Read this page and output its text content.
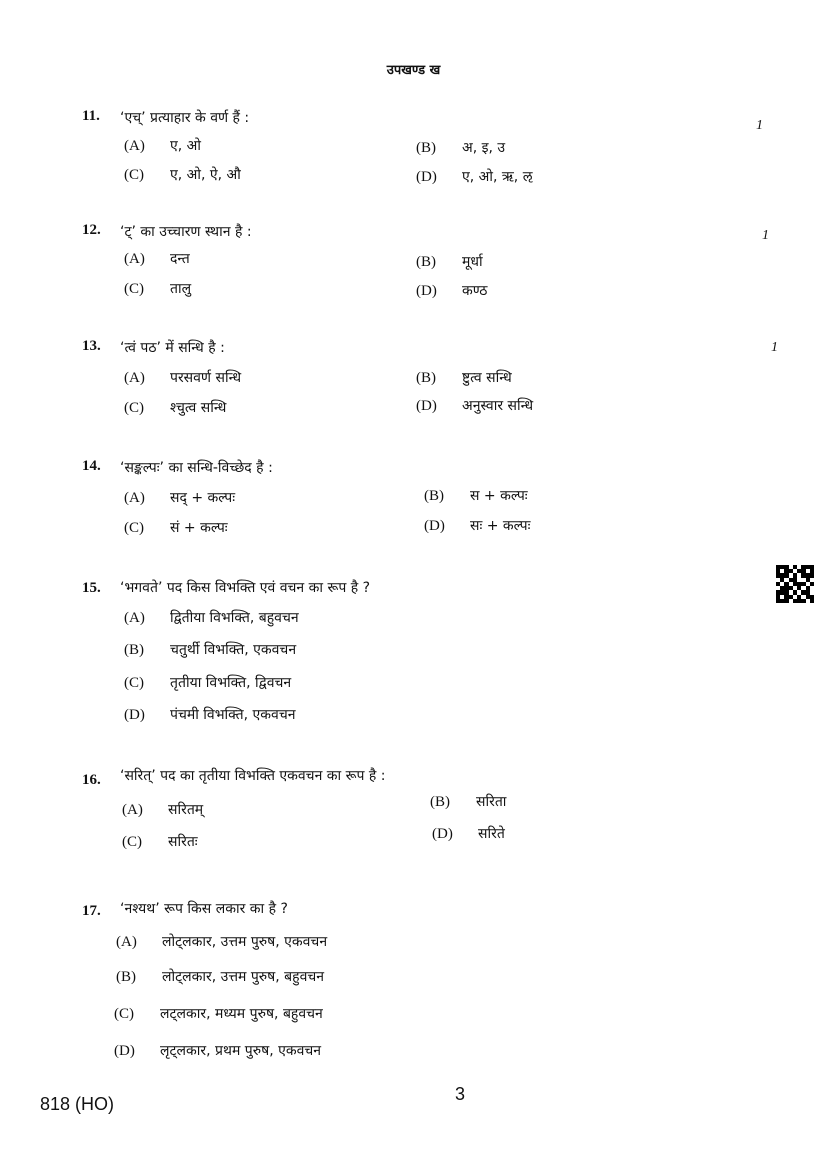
उपखण्ड ख
11. ‘एच्’ प्रत्याहार के वर्ण हैं :	1
(A) ए, ओ	(B) अ, इ, उ
(C) ए, ओ, ऐ, औ	(D) ए, ओ, ऋ, ऌ
12. ‘ट्’ का उच्चारण स्थान है :	1
(A) दन्त	(B) मूर्धा
(C) तालु	(D) कण्ठ
13. ‘त्वं पठ’ में सन्धि है :	1
(A) परसवर्ण सन्धि	(B) ष्टुत्व सन्धि
(C) श्चुत्व सन्धि	(D) अनुस्वार सन्धि
14. ‘सङ्कल्पः’ का सन्धि-विच्छेद है :
(A) सद् + कल्पः	(B) स + कल्पः
(C) सं + कल्पः	(D) सः + कल्पः
15. ‘भगवते’ पद किस विभक्ति एवं वचन का रूप है ?
(A) द्वितीया विभक्ति, बहुवचन
(B) चतुर्थी विभक्ति, एकवचन
(C) तृतीया विभक्ति, द्विवचन
(D) पंचमी विभक्ति, एकवचन
16. ‘सरित्’ पद का तृतीया विभक्ति एकवचन का रूप है :
(A) सरितम्	(B) सरिता
(C) सरितः	(D) सरिते
17. ‘नश्यथ’ रूप किस लकार का है ?
(A) लोट्लकार, उत्तम पुरुष, एकवचन
(B) लोट्लकार, उत्तम पुरुष, बहुवचन
(C) लट्लकार, मध्यम पुरुष, बहुवचन
(D) लृट्लकार, प्रथम पुरुष, एकवचन
818 (HO)	3
